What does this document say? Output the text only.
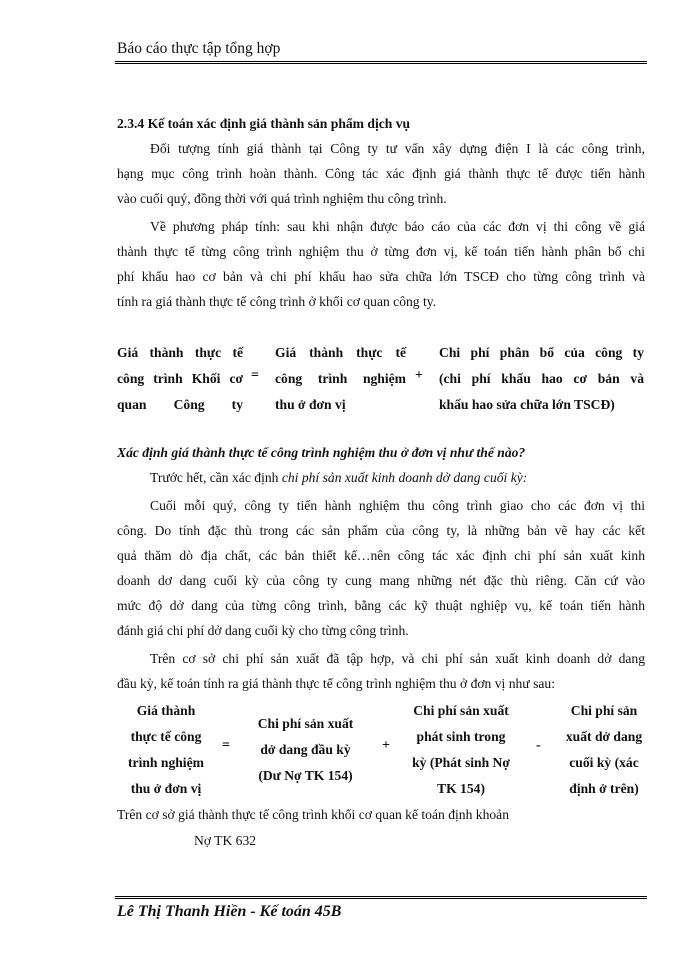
Báo cáo thực tập tổng hợp
2.3.4 Kế toán xác định giá thành sản phẩm dịch vụ
Đối tượng tính giá thành tại Công ty tư vấn xây dựng điện I là các công trình,
hạng mục công trình hoàn thành. Công tác xác định giá thành thực tế được tiến hành
vào cuối quý, đồng thời với quá trình nghiệm thu công trình.
Về phương pháp tính: sau khi nhận được báo cáo của các đơn vị thi công về giá
thành thực tế từng công trình nghiệm thu ở từng đơn vị, kế toán tiến hành phân bổ chi
phí khấu hao cơ bản và chi phí khấu hao sửa chữa lớn TSCĐ cho từng công trình và
tính ra giá thành thực tế công trình ở khối cơ quan công ty.
Giá thành thực tế
công trình Khối cơ
quan Công ty
=
Giá thành thực tế
công trình nghiệm
thu ở đơn vị
+
Chi phí phân bổ của công ty
(chi phí khấu hao cơ bản và
khấu hao sửa chữa lớn TSCĐ)
Xác định giá thành thực tế công trình nghiệm thu ở đơn vị như thế nào?
Trước hết, cần xác định chi phí sản xuất kinh doanh dở dang cuối kỳ:
Cuối mỗi quý, công ty tiến hành nghiệm thu công trình giao cho các đơn vị thi
công. Do tính đặc thù trong các sản phẩm của công ty, là những bản vẽ hay các kết
quả thăm dò địa chất, các bản thiết kế…nên công tác xác định chi phí sản xuất kinh
doanh dơ dang cuối kỳ của công ty cung mang những nét đặc thù riêng. Căn cứ vào
mức độ dở dang của từng công trình, bằng các kỹ thuật nghiệp vụ, kế toán tiến hành
đánh giá chi phí dở dang cuối kỳ cho từng công trình.
Trên cơ sở chi phí sản xuất đã tập hợp, và chi phí sản xuất kinh doanh dở dang
đầu kỳ, kế toán tính ra giá thành thực tế công trình nghiệm thu ở đơn vị như sau:
Giá thành
thực tế công
trình nghiệm
thu ở đơn vị
=
Chi phí sản xuất
dở dang đầu kỳ
(Dư Nợ TK 154)
+
Chi phí sản xuất
phát sinh trong
kỳ (Phát sinh Nợ
TK 154)
-
Chi phí sản
xuất dở dang
cuối kỳ (xác
định ở trên)
Trên cơ sở giá thành thực tế công trình khối cơ quan kế toán định khoản
Nợ TK 632
Lê Thị Thanh Hiền - Kế toán 45B
